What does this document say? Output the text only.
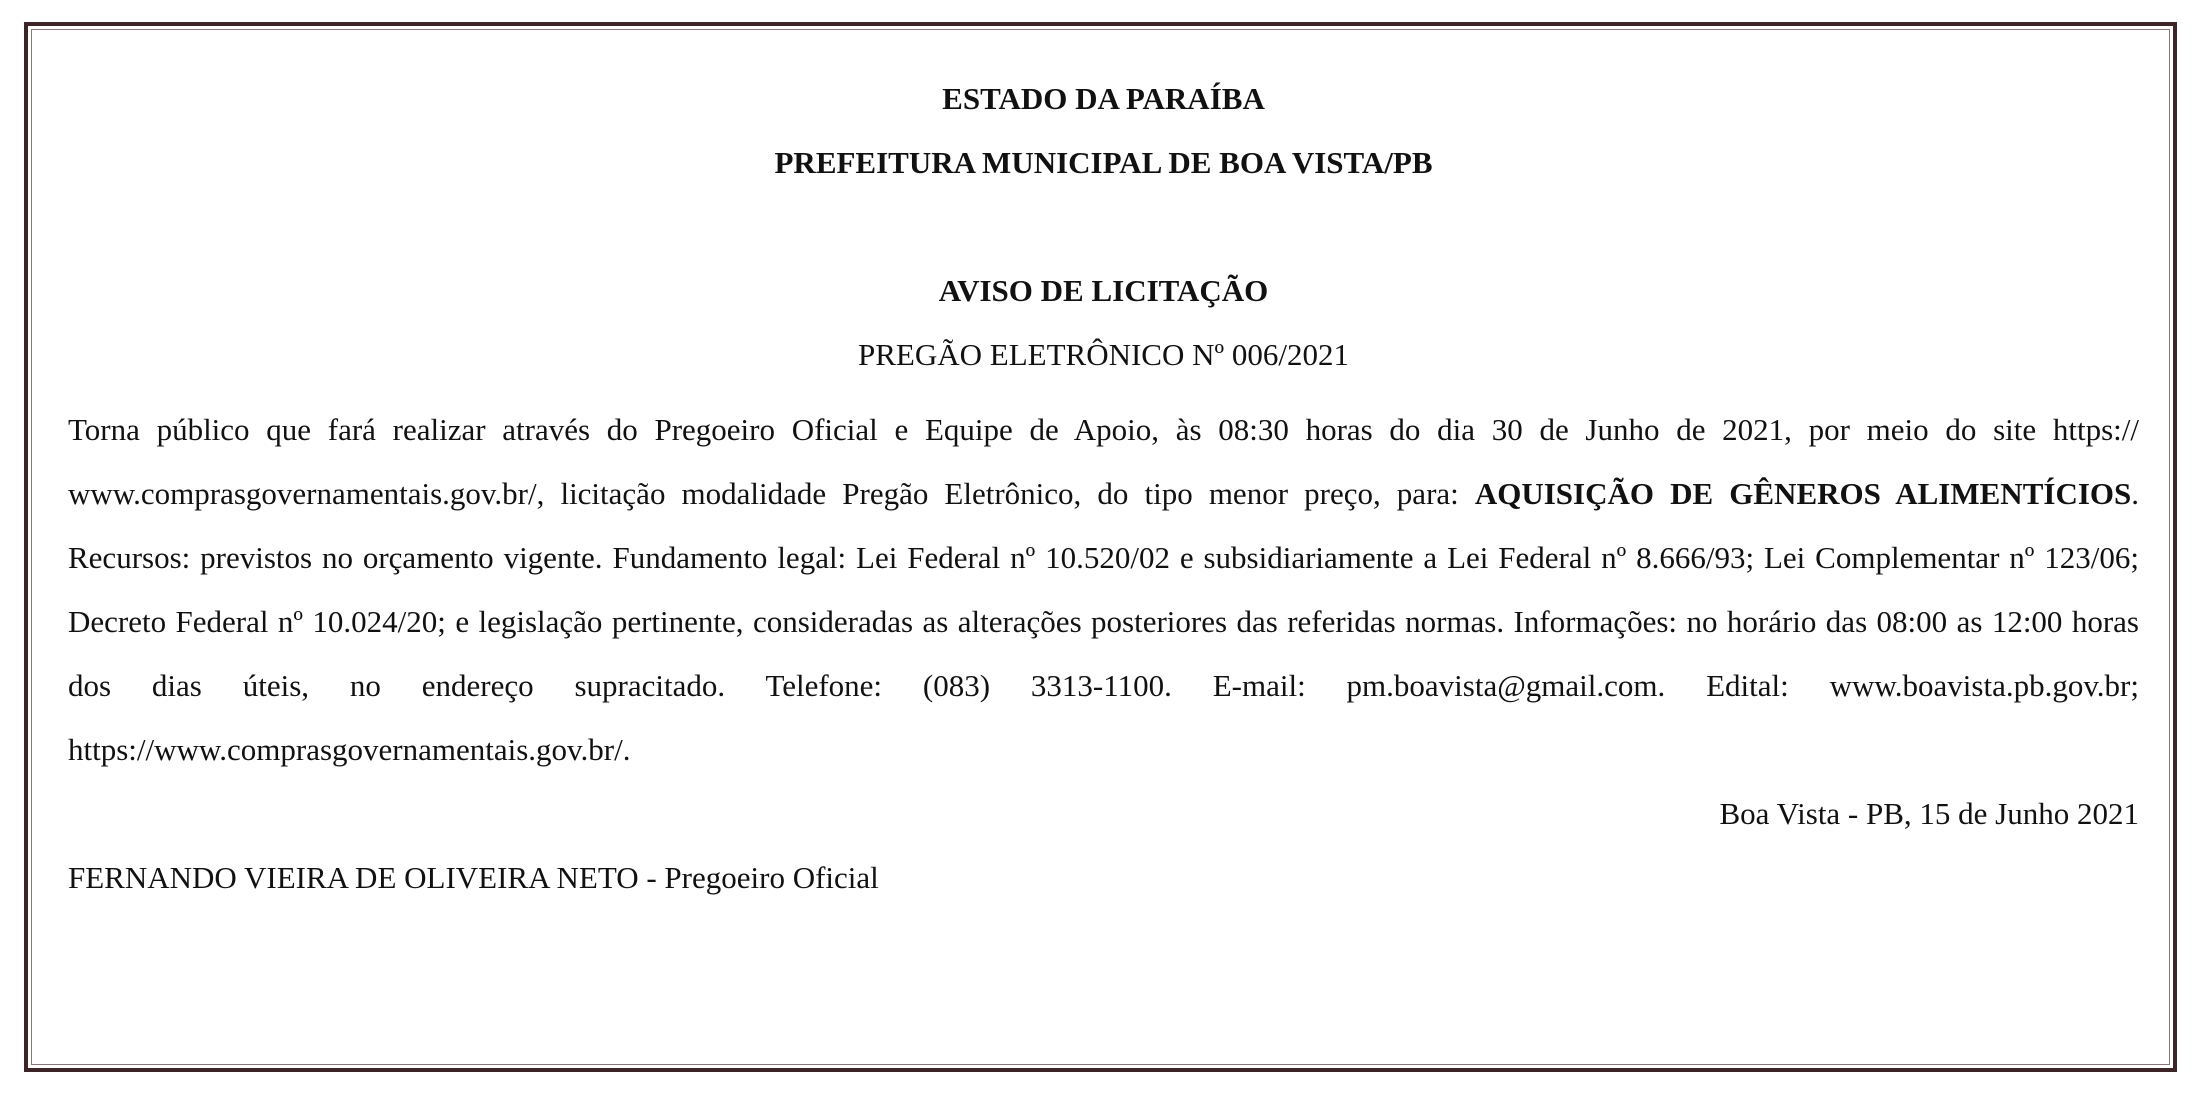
ESTADO DA PARAÍBA
PREFEITURA MUNICIPAL DE BOA VISTA/PB
AVISO DE LICITAÇÃO
PREGÃO ELETRÔNICO Nº 006/2021
Torna público que fará realizar através do Pregoeiro Oficial e Equipe de Apoio, às 08:30 horas do dia 30 de Junho de 2021, por meio do site https:// www.comprasgovernamentais.gov.br/, licitação modalidade Pregão Eletrônico, do tipo menor preço, para: AQUISIÇÃO DE GÊNEROS ALIMENTÍCIOS. Recursos: previstos no orçamento vigente. Fundamento legal: Lei Federal nº 10.520/02 e subsidiariamente a Lei Federal nº 8.666/93; Lei Complementar nº 123/06; Decreto Federal nº 10.024/20; e legislação pertinente, consideradas as alterações posteriores das referidas normas. Informações: no horário das 08:00 as 12:00 horas dos dias úteis, no endereço supracitado. Telefone: (083) 3313-1100. E-mail: pm.boavista@gmail.com. Edital: www.boavista.pb.gov.br; https://www.comprasgovernamentais.gov.br/.
Boa Vista - PB, 15 de Junho 2021
FERNANDO VIEIRA DE OLIVEIRA NETO - Pregoeiro Oficial
